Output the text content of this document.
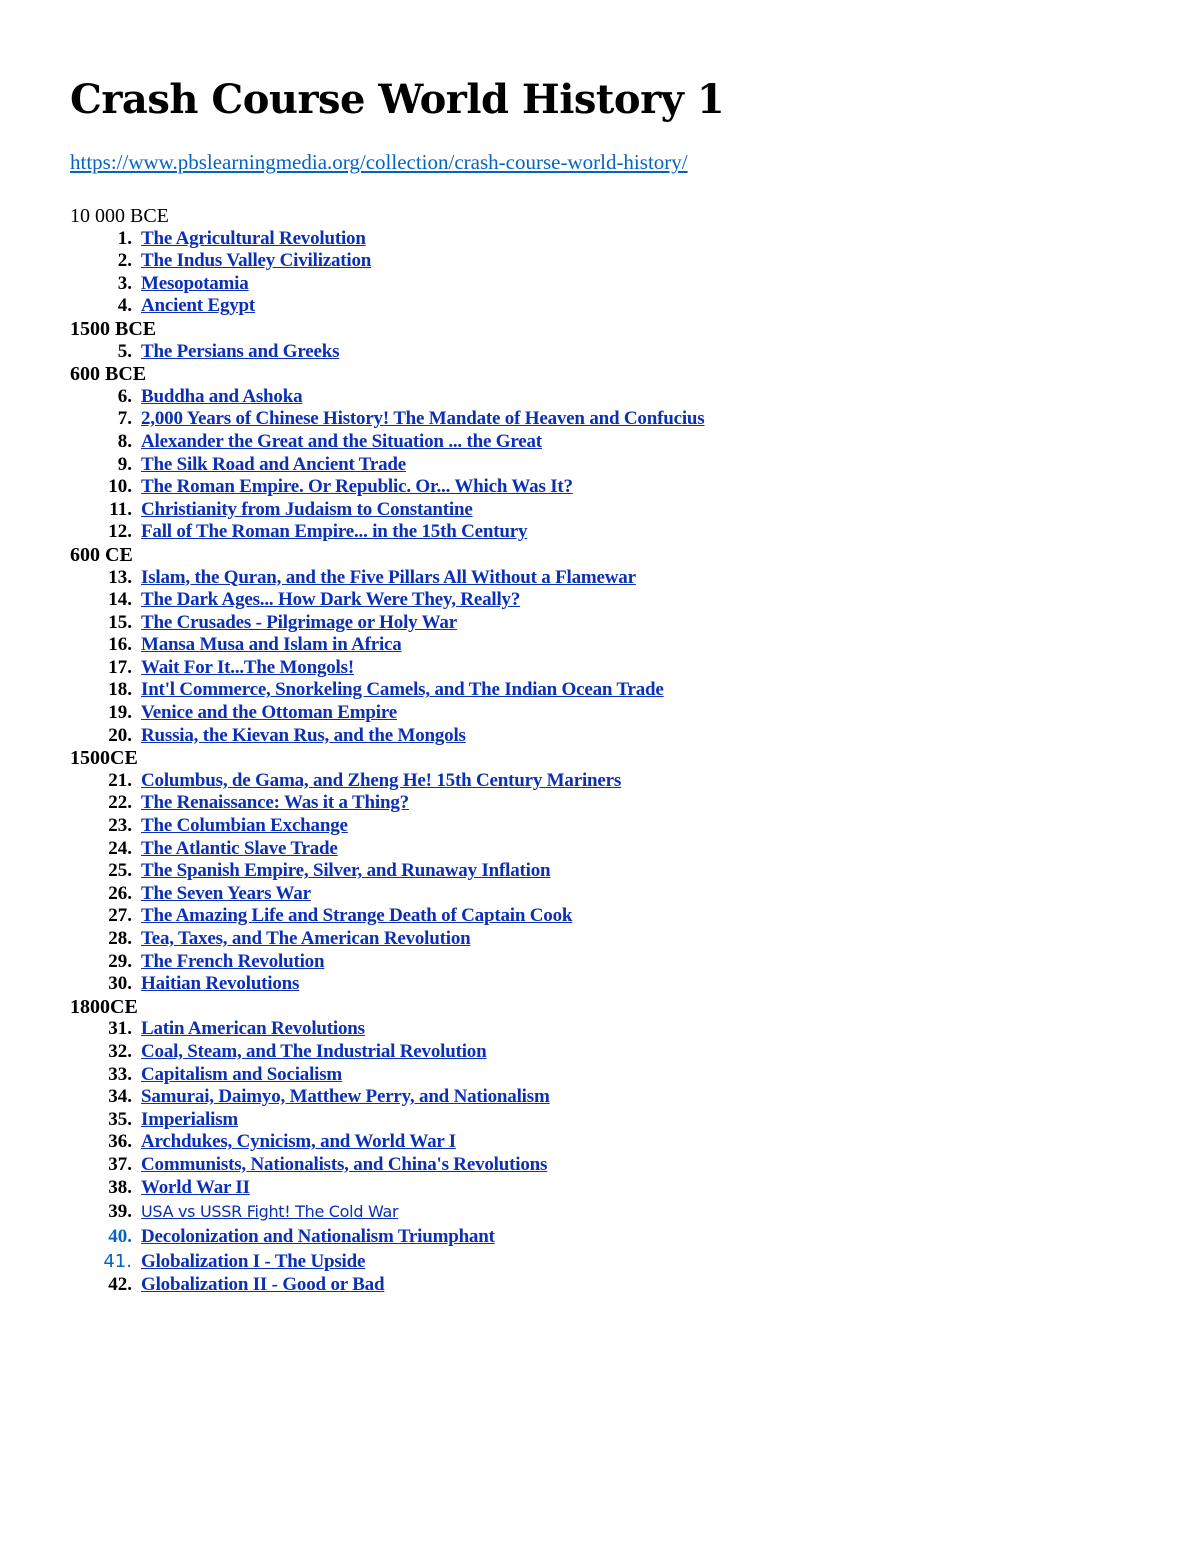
Crash Course World History 1
https://www.pbslearningmedia.org/collection/crash-course-world-history/
10 000 BCE
1. The Agricultural Revolution
2. The Indus Valley Civilization
3. Mesopotamia
4. Ancient Egypt
1500 BCE
5. The Persians and Greeks
600 BCE
6. Buddha and Ashoka
7. 2,000 Years of Chinese History! The Mandate of Heaven and Confucius
8. Alexander the Great and the Situation ... the Great
9. The Silk Road and Ancient Trade
10. The Roman Empire. Or Republic. Or... Which Was It?
11. Christianity from Judaism to Constantine
12. Fall of The Roman Empire... in the 15th Century
600 CE
13. Islam, the Quran, and the Five Pillars All Without a Flamewar
14. The Dark Ages... How Dark Were They, Really?
15. The Crusades - Pilgrimage or Holy War
16. Mansa Musa and Islam in Africa
17. Wait For It...The Mongols!
18. Int'l Commerce, Snorkeling Camels, and The Indian Ocean Trade
19. Venice and the Ottoman Empire
20. Russia, the Kievan Rus, and the Mongols
1500CE
21. Columbus, de Gama, and Zheng He! 15th Century Mariners
22. The Renaissance: Was it a Thing?
23. The Columbian Exchange
24. The Atlantic Slave Trade
25. The Spanish Empire, Silver, and Runaway Inflation
26. The Seven Years War
27. The Amazing Life and Strange Death of Captain Cook
28. Tea, Taxes, and The American Revolution
29. The French Revolution
30. Haitian Revolutions
1800CE
31. Latin American Revolutions
32. Coal, Steam, and The Industrial Revolution
33. Capitalism and Socialism
34. Samurai, Daimyo, Matthew Perry, and Nationalism
35. Imperialism
36. Archdukes, Cynicism, and World War I
37. Communists, Nationalists, and China's Revolutions
38. World War II
39. USA vs USSR Fight! The Cold War
40. Decolonization and Nationalism Triumphant
41. Globalization I - The Upside
42. Globalization II - Good or Bad
